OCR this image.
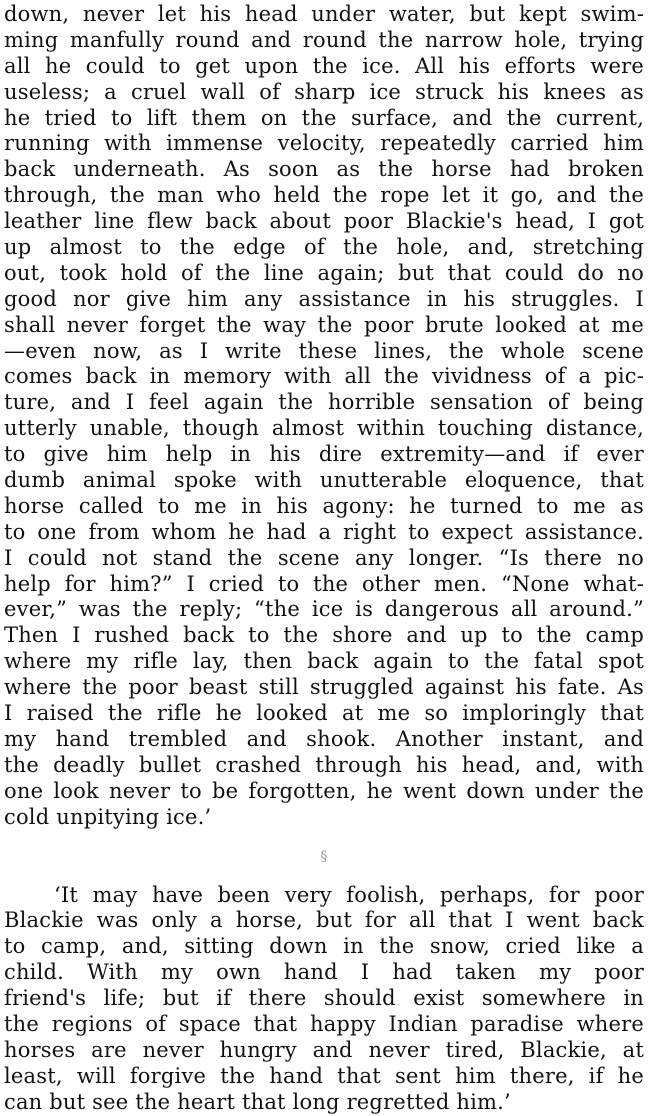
down, never let his head under water, but kept swim-
ming manfully round and round the narrow hole, trying
all he could to get upon the ice. All his efforts were
useless; a cruel wall of sharp ice struck his knees as
he tried to lift them on the surface, and the current,
running with immense velocity, repeatedly carried him
back underneath. As soon as the horse had broken
through, the man who held the rope let it go, and the
leather line flew back about poor Blackie's head, I got
up almost to the edge of the hole, and, stretching
out, took hold of the line again; but that could do no
good nor give him any assistance in his struggles. I
shall never forget the way the poor brute looked at me
—even now, as I write these lines, the whole scene
comes back in memory with all the vividness of a pic-
ture, and I feel again the horrible sensation of being
utterly unable, though almost within touching distance,
to give him help in his dire extremity—and if ever
dumb animal spoke with unutterable eloquence, that
horse called to me in his agony: he turned to me as
to one from whom he had a right to expect assistance.
I could not stand the scene any longer. “Is there no
help for him?” I cried to the other men. “None what-
ever,” was the reply; “the ice is dangerous all around.”
Then I rushed back to the shore and up to the camp
where my rifle lay, then back again to the fatal spot
where the poor beast still struggled against his fate. As
I raised the rifle he looked at me so imploringly that
my hand trembled and shook. Another instant, and
the deadly bullet crashed through his head, and, with
one look never to be forgotten, he went down under the
cold unpitying ice.’
§
‘It may have been very foolish, perhaps, for poor
Blackie was only a horse, but for all that I went back
to camp, and, sitting down in the snow, cried like a
child. With my own hand I had taken my poor
friend's life; but if there should exist somewhere in
the regions of space that happy Indian paradise where
horses are never hungry and never tired, Blackie, at
least, will forgive the hand that sent him there, if he
can but see the heart that long regretted him.’
